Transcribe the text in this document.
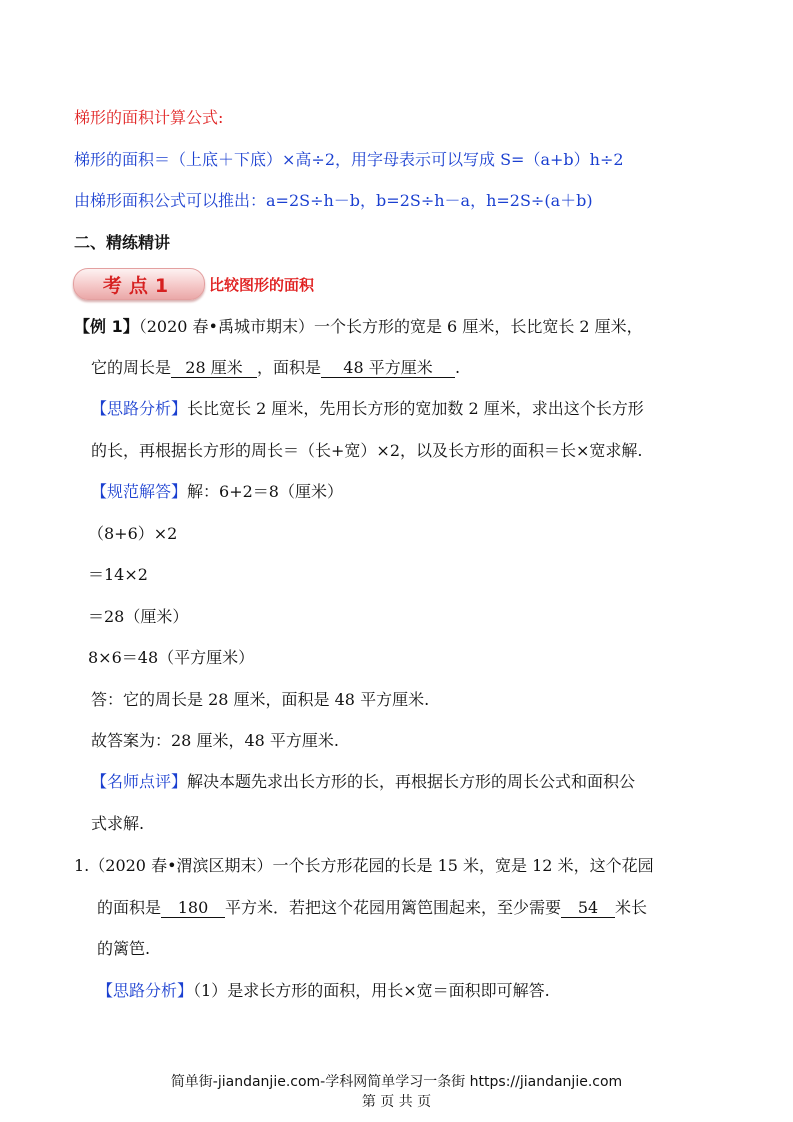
梯形的面积计算公式:
梯形的面积＝（上底＋下底）×高÷2，用字母表示可以写成 S=（a+b）h÷2
由梯形面积公式可以推出：a=2S÷h－b，b=2S÷h－a，h=2S÷(a＋b)
二、精练精讲
考点1	比较图形的面积
【例 1】（2020 春•禹城市期末）一个长方形的宽是 6 厘米，长比宽长 2 厘米，
它的周长是 28 厘米 ，面积是 48 平方厘米 .
【思路分析】长比宽长 2 厘米，先用长方形的宽加数 2 厘米，求出这个长方形
的长，再根据长方形的周长＝（长+宽）×2，以及长方形的面积＝长×宽求解.
【规范解答】解：6+2＝8（厘米）
（8+6）×2
＝14×2
＝28（厘米）
8×6＝48（平方厘米）
答：它的周长是 28 厘米，面积是 48 平方厘米.
故答案为：28 厘米，48 平方厘米.
【名师点评】解决本题先求出长方形的长，再根据长方形的周长公式和面积公
式求解.
1.（2020 春•渭滨区期末）一个长方形花园的长是 15 米，宽是 12 米，这个花园
的面积是 180 平方米．若把这个花园用篱笆围起来，至少需要 54 米长
的篱笆.
【思路分析】（1）是求长方形的面积，用长×宽＝面积即可解答.
简单街-jiandanjie.com-学科网简单学习一条街 https://jiandanjie.com
第 页 共 页
